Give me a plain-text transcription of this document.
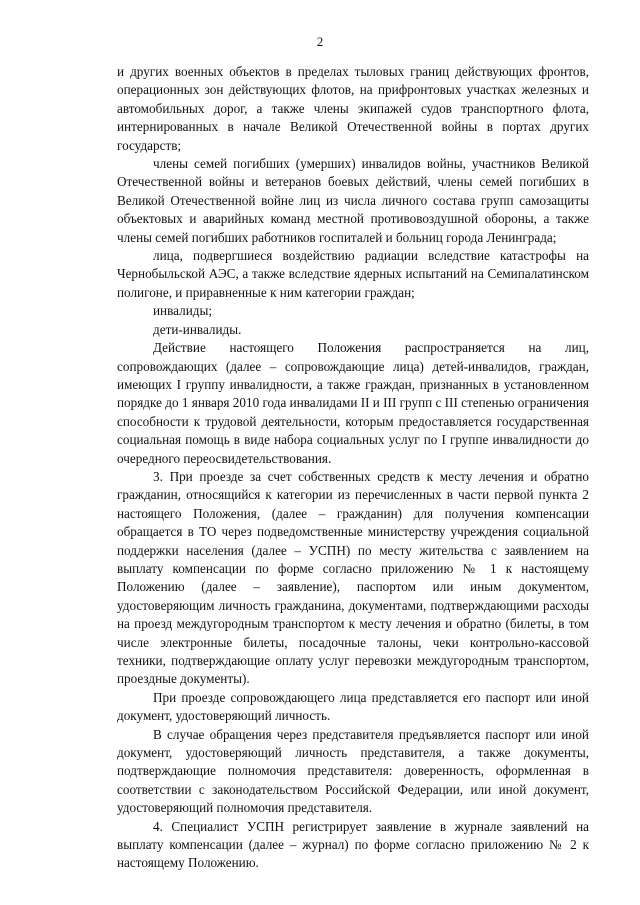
2

и других военных объектов в пределах тыловых границ действующих фронтов, операционных зон действующих флотов, на прифронтовых участках железных и автомобильных дорог, а также члены экипажей судов транспортного флота, интернированных в начале Великой Отечественной войны в портах других государств;

члены семей погибших (умерших) инвалидов войны, участников Великой Отечественной войны и ветеранов боевых действий, члены семей погибших в Великой Отечественной войне лиц из числа личного состава групп самозащиты объектовых и аварийных команд местной противовоздушной обороны, а также члены семей погибших работников госпиталей и больниц города Ленинграда;

лица, подвергшиеся воздействию радиации вследствие катастрофы на Чернобыльской АЭС, а также вследствие ядерных испытаний на Семипалатинском полигоне, и приравненные к ним категории граждан;

инвалиды;

дети-инвалиды.

Действие настоящего Положения распространяется на лиц, сопровождающих (далее – сопровождающие лица) детей-инвалидов, граждан, имеющих I группу инвалидности, а также граждан, признанных в установленном порядке до 1 января 2010 года инвалидами II и III групп с III степенью ограничения способности к трудовой деятельности, которым предоставляется государственная социальная помощь в виде набора социальных услуг по I группе инвалидности до очередного переосвидетельствования.

3. При проезде за счет собственных средств к месту лечения и обратно гражданин, относящийся к категории из перечисленных в части первой пункта 2 настоящего Положения, (далее – гражданин) для получения компенсации обращается в ТО через подведомственные министерству учреждения социальной поддержки населения (далее – УСПН) по месту жительства с заявлением на выплату компенсации по форме согласно приложению № 1 к настоящему Положению (далее – заявление), паспортом или иным документом, удостоверяющим личность гражданина, документами, подтверждающими расходы на проезд междугородным транспортом к месту лечения и обратно (билеты, в том числе электронные билеты, посадочные талоны, чеки контрольно-кассовой техники, подтверждающие оплату услуг перевозки междугородным транспортом, проездные документы).

При проезде сопровождающего лица представляется его паспорт или иной документ, удостоверяющий личность.

В случае обращения через представителя предъявляется паспорт или иной документ, удостоверяющий личность представителя, а также документы, подтверждающие полномочия представителя: доверенность, оформленная в соответствии с законодательством Российской Федерации, или иной документ, удостоверяющий полномочия представителя.

4. Специалист УСПН регистрирует заявление в журнале заявлений на выплату компенсации (далее – журнал) по форме согласно приложению № 2 к настоящему Положению.
